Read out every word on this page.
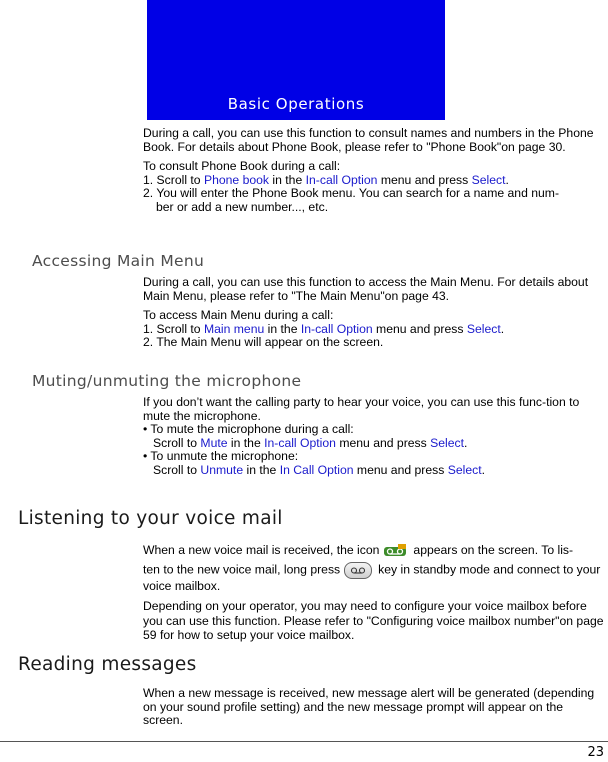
Basic Operations

During a call, you can use this function to consult names and numbers in the Phone Book. For details about Phone Book, please refer to "Phone Book"on page 30.

To consult Phone Book during a call:

1. Scroll to Phone book in the In-call Option menu and press Select.

2. You will enter the Phone Book menu. You can search for a name and num-

ber or add a new number..., etc.

Accessing Main Menu

During a call, you can use this function to access the Main Menu. For details about Main Menu, please refer to "The Main Menu"on page 43.

To access Main Menu during a call:

1. Scroll to Main menu in the In-call Option menu and press Select.

2. The Main Menu will appear on the screen.

Muting/unmuting the microphone

If you don’t want the calling party to hear your voice, you can use this func-tion to mute the microphone.

• To mute the microphone during a call:

Scroll to Mute in the In-call Option menu and press Select.

• To unmute the microphone:

Scroll to Unmute in the In Call Option menu and press Select.

Listening to your voice mail

When a new voice mail is received, the icon	appears on the screen. To lis-

ten to the new voice mail, long press	key in standby mode and connect to your voice mailbox.

Depending on your operator, you may need to configure your voice mailbox before you can use this function. Please refer to "Configuring voice mailbox number"on page 59 for how to setup your voice mailbox.

Reading messages

When a new message is received, new message alert will be generated (depending on your sound profile setting) and the new message prompt will appear on the screen.

23
